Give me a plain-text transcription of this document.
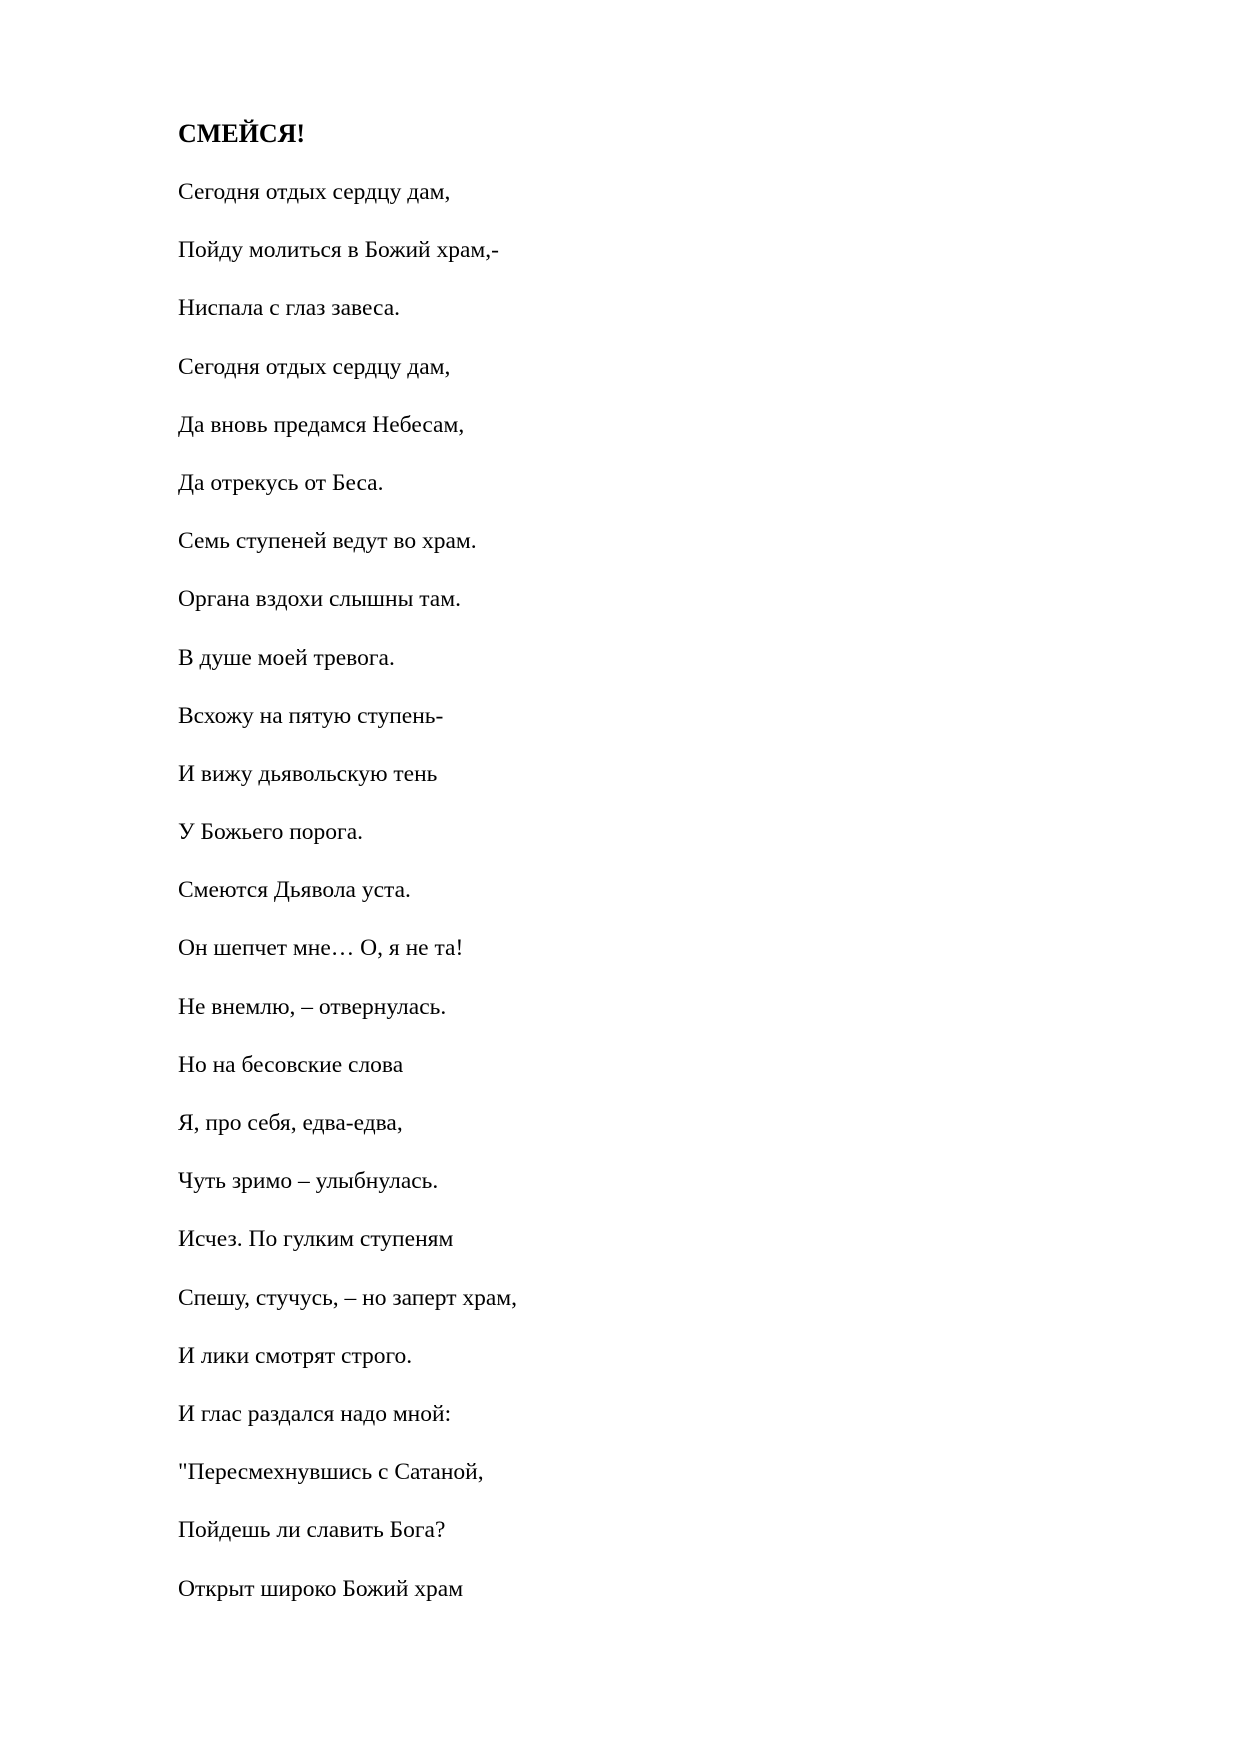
СМЕЙСЯ!
Сегодня отдых сердцу дам,
Пойду молиться в Божий храм,-
Ниспала с глаз завеса.
Сегодня отдых сердцу дам,
Да вновь предамся Небесам,
Да отрекусь от Беса.
Семь ступеней ведут во храм.
Органа вздохи слышны там.
В душе моей тревога.
Всхожу на пятую ступень-
И вижу дьявольскую тень
У Божьего порога.
Смеются Дьявола уста.
Он шепчет мне… О, я не та!
Не внемлю, – отвернулась.
Но на бесовские слова
Я, про себя, едва-едва,
Чуть зримо – улыбнулась.
Исчез. По гулким ступеням
Спешу, стучусь, – но заперт храм,
И лики смотрят строго.
И глас раздался надо мной:
"Пересмехнувшись с Сатаной,
Пойдешь ли славить Бога?
Открыт широко Божий храм
